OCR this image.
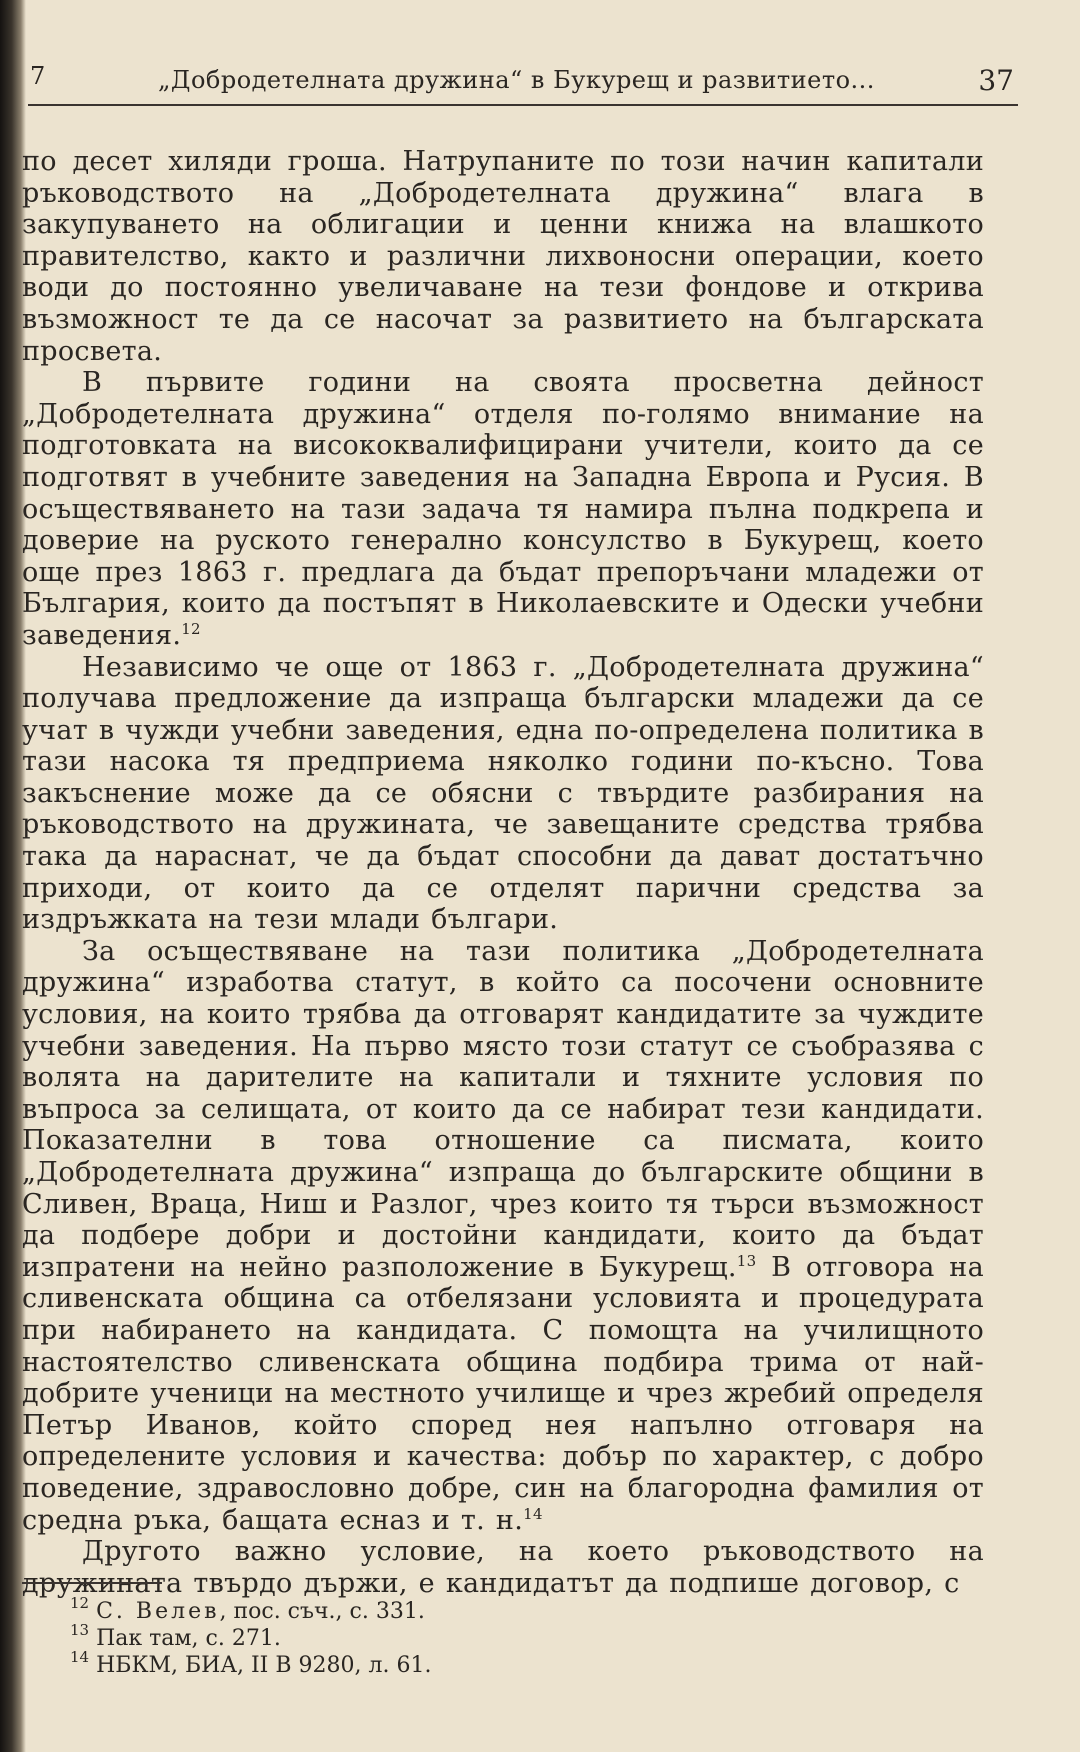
7	„Добродетелната дружина“ в Букурещ и развитието...	37

по десет хиляди гроша. Натрупаните по този начин капитали ръководството на „Добродетелната дружина“ влага в закупуването на облигации и ценни книжа на влашкото правителство, както и различни лихвоносни операции, което води до постоянно увеличаване на тези фондове и открива възможност те да се насочат за развитието на българската просвета.

В първите години на своята просветна дейност „Добродетелната дружина“ отделя по-голямо внимание на подготовката на висококвалифицирани учители, които да се подготвят в учебните заведения на Западна Европа и Русия. В осъществяването на тази задача тя намира пълна подкрепа и доверие на руското генерално консулство в Букурещ, което още през 1863 г. предлага да бъдат препоръчани младежи от България, които да постъпят в Николаевските и Одески учебни заведения.$^{12}$

Независимо че още от 1863 г. „Добродетелната дружина“ получава предложение да изпраща български младежи да се учат в чужди учебни заведения, една по-определена политика в тази насока тя предприема няколко години по-късно. Това закъснение може да се обясни с твърдите разбирания на ръководството на дружината, че завещаните средства трябва така да нараснат, че да бъдат способни да дават достатъчно приходи, от които да се отделят парични средства за издръжката на тези млади българи.

За осъществяване на тази политика „Добродетелната дружина“ изработва статут, в който са посочени основните условия, на които трябва да отговарят кандидатите за чуждите учебни заведения. На първо място този статут се съобразява с волята на дарителите на капитали и тяхните условия по въпроса за селищата, от които да се набират тези кандидати. Показателни в това отношение са писмата, които „Добродетелната дружина“ изпраща до българските общини в Сливен, Враца, Ниш и Разлог, чрез които тя търси възможност да подбере добри и достойни кандидати, които да бъдат изпратени на нейно разположение в Букурещ.$^{13}$ В отговора на сливенската община са отбелязани условията и процедурата при набирането на кандидата. С помощта на училищното настоятелство сливенската община подбира трима от най-добрите ученици на местното училище и чрез жребий определя Петър Иванов, който според нея напълно отговаря на определените условия и качества: добър по характер, с добро поведение, здравословно добре, син на благородна фамилия от средна ръка, бащата есназ и т. н.$^{14}$

Другото важно условие, на което ръководството на дружината твърдо държи, е кандидатът да подпише договор, с

$^{12}$ С. Велев, пос. съч., с. 331.
$^{13}$ Пак там, с. 271.
$^{14}$ НБКМ, БИА, II В 9280, л. 61.
